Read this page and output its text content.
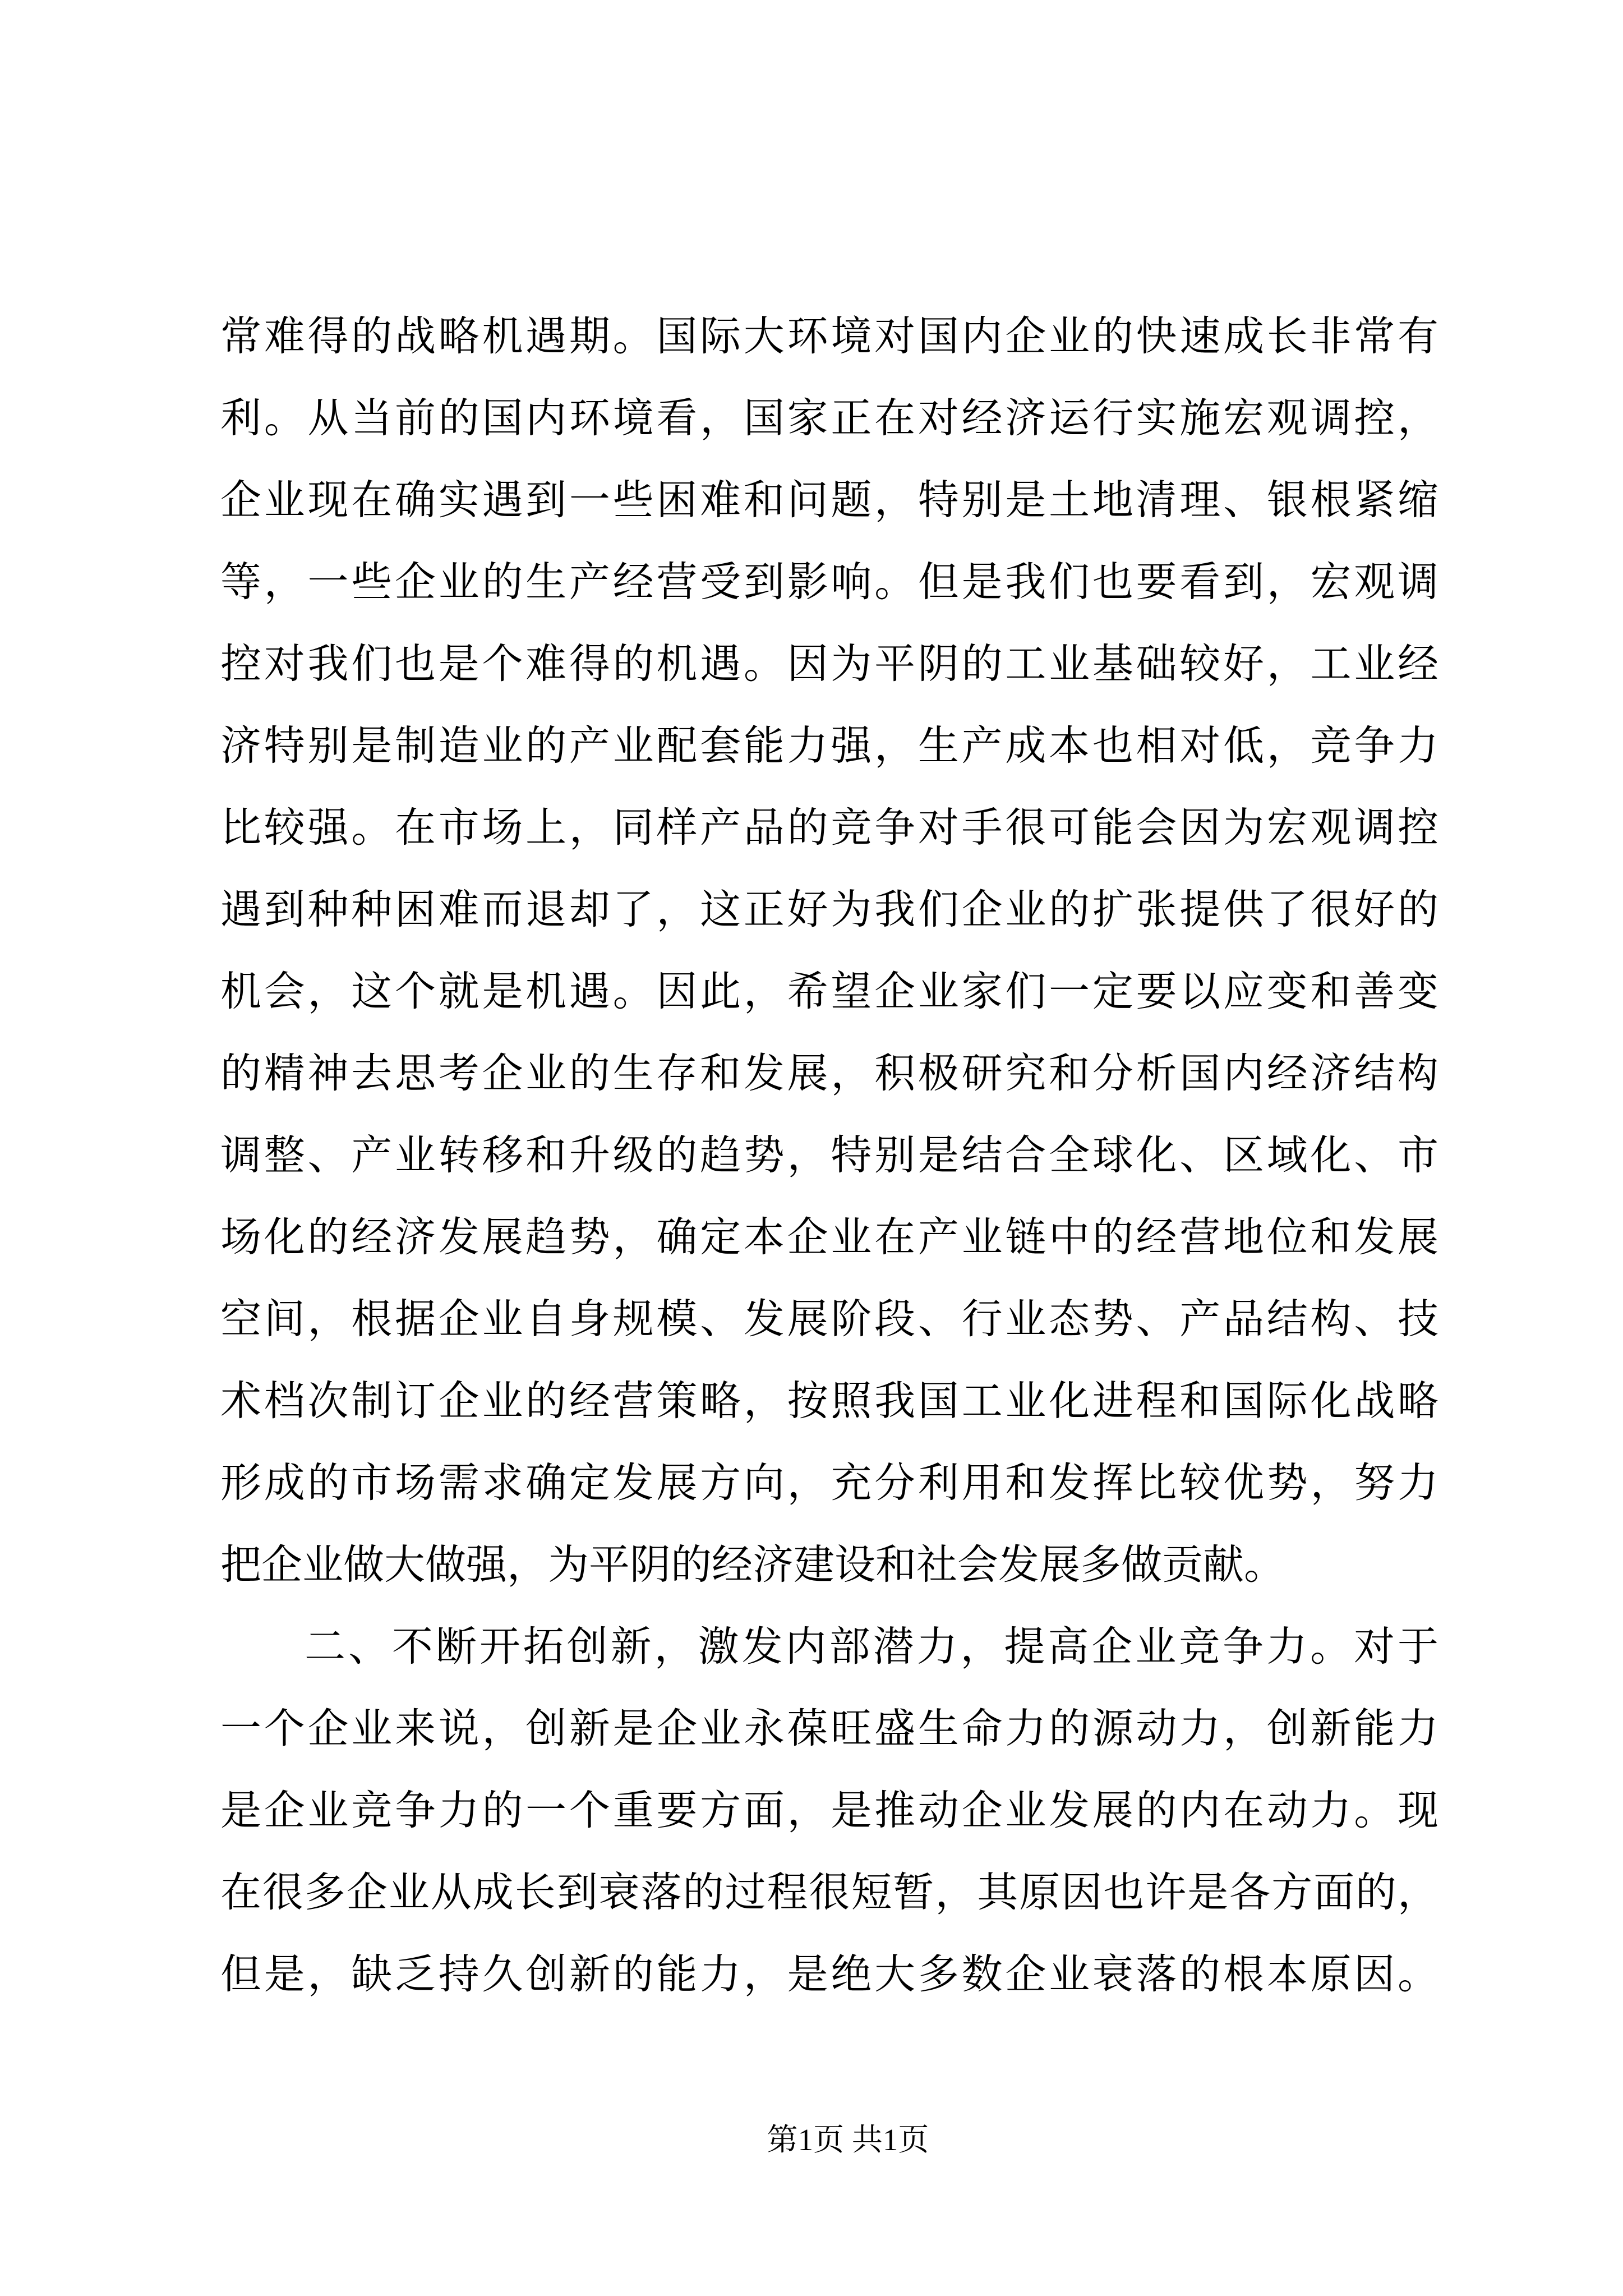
常难得的战略机遇期。国际大环境对国内企业的快速成长非常有
利。从当前的国内环境看，国家正在对经济运行实施宏观调控，
企业现在确实遇到一些困难和问题，特别是土地清理、银根紧缩
等，一些企业的生产经营受到影响。但是我们也要看到，宏观调
控对我们也是个难得的机遇。因为平阴的工业基础较好，工业经
济特别是制造业的产业配套能力强，生产成本也相对低，竞争力
比较强。在市场上，同样产品的竞争对手很可能会因为宏观调控
遇到种种困难而退却了，这正好为我们企业的扩张提供了很好的
机会，这个就是机遇。因此，希望企业家们一定要以应变和善变
的精神去思考企业的生存和发展，积极研究和分析国内经济结构
调整、产业转移和升级的趋势，特别是结合全球化、区域化、市
场化的经济发展趋势，确定本企业在产业链中的经营地位和发展
空间，根据企业自身规模、发展阶段、行业态势、产品结构、技
术档次制订企业的经营策略，按照我国工业化进程和国际化战略
形成的市场需求确定发展方向，充分利用和发挥比较优势，努力
把企业做大做强，为平阴的经济建设和社会发展多做贡献。
二、不断开拓创新，激发内部潜力，提高企业竞争力。对于
一个企业来说，创新是企业永葆旺盛生命力的源动力，创新能力
是企业竞争力的一个重要方面，是推动企业发展的内在动力。现
在很多企业从成长到衰落的过程很短暂，其原因也许是各方面的，
但是，缺乏持久创新的能力，是绝大多数企业衰落的根本原因。
第1页 共1页
